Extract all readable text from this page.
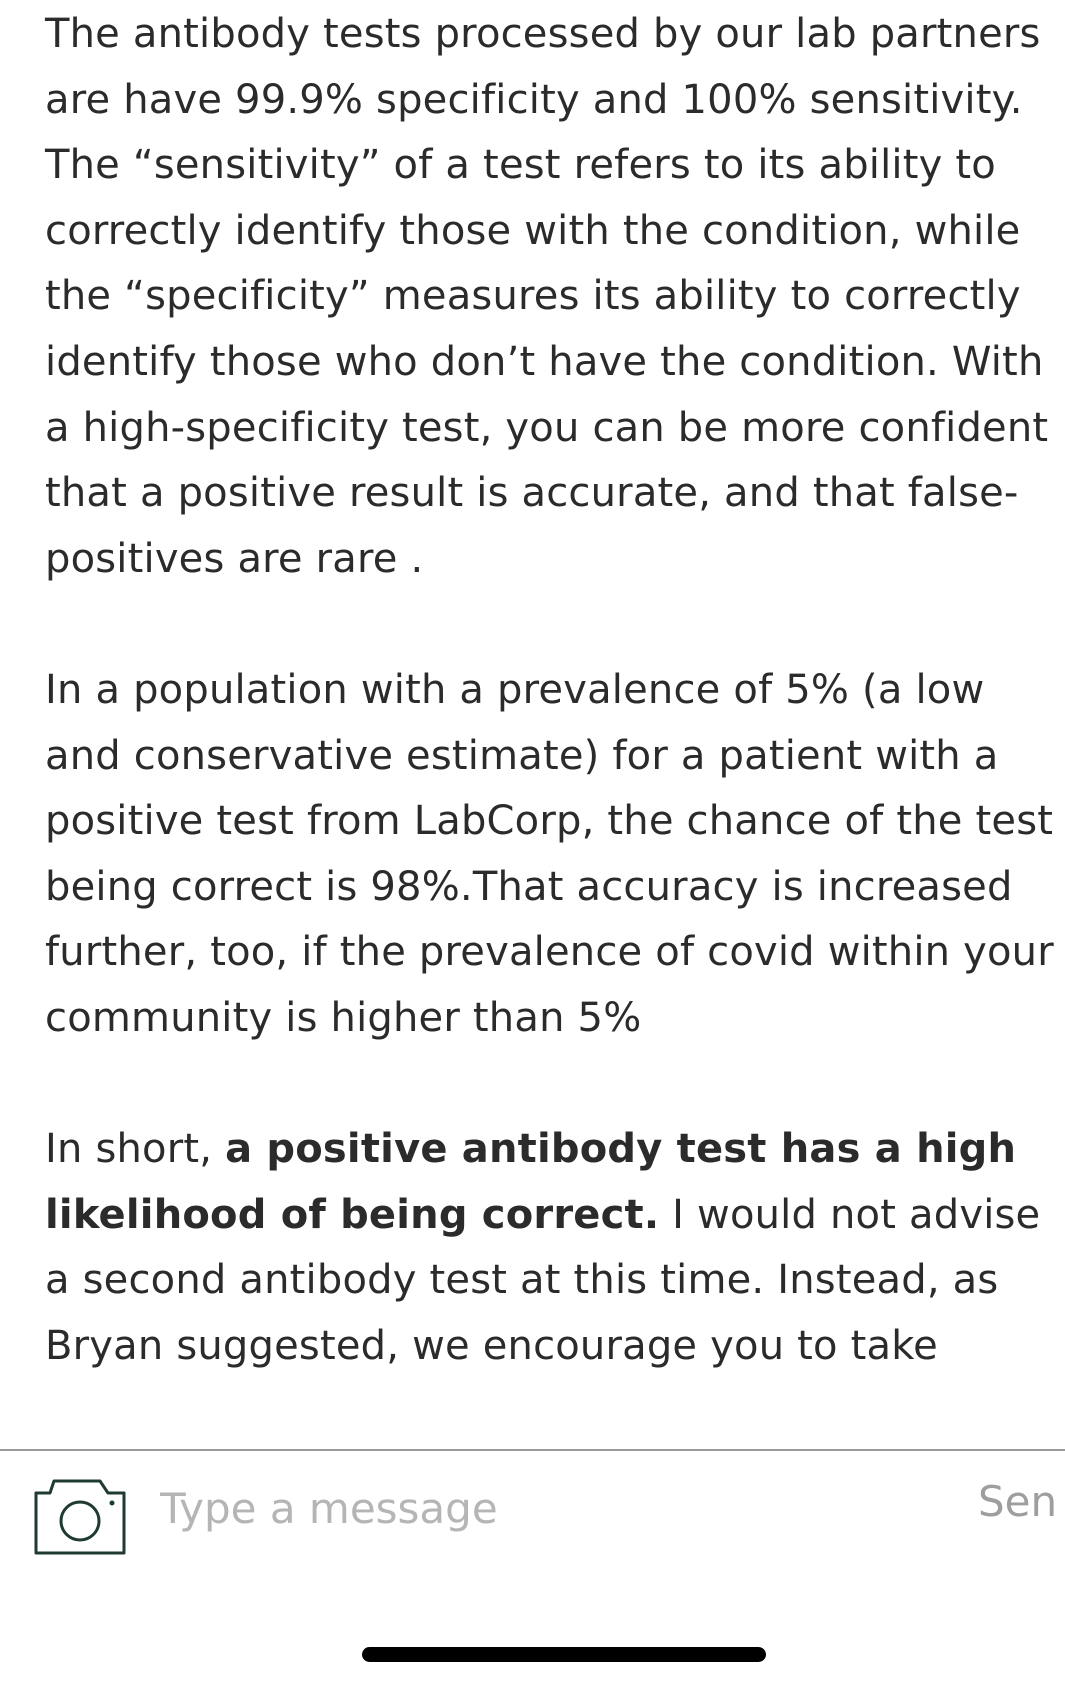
The antibody tests processed by our lab partners are have 99.9% specificity and 100% sensitivity. The “sensitivity” of a test refers to its ability to correctly identify those with the condition, while the “specificity” measures its ability to correctly identify those who don’t have the condition. With a high-specificity test, you can be more confident that a positive result is accurate, and that false-positives are rare .

In a population with a prevalence of 5% (a low and conservative estimate) for a patient with a positive test from LabCorp, the chance of the test being correct is 98%.That accuracy is increased further, too, if the prevalence of covid within your community is higher than 5%

In short, a positive antibody test has a high likelihood of being correct. I would not advise a second antibody test at this time. Instead, as Bryan suggested, we encourage you to take

Type a message
Sen
